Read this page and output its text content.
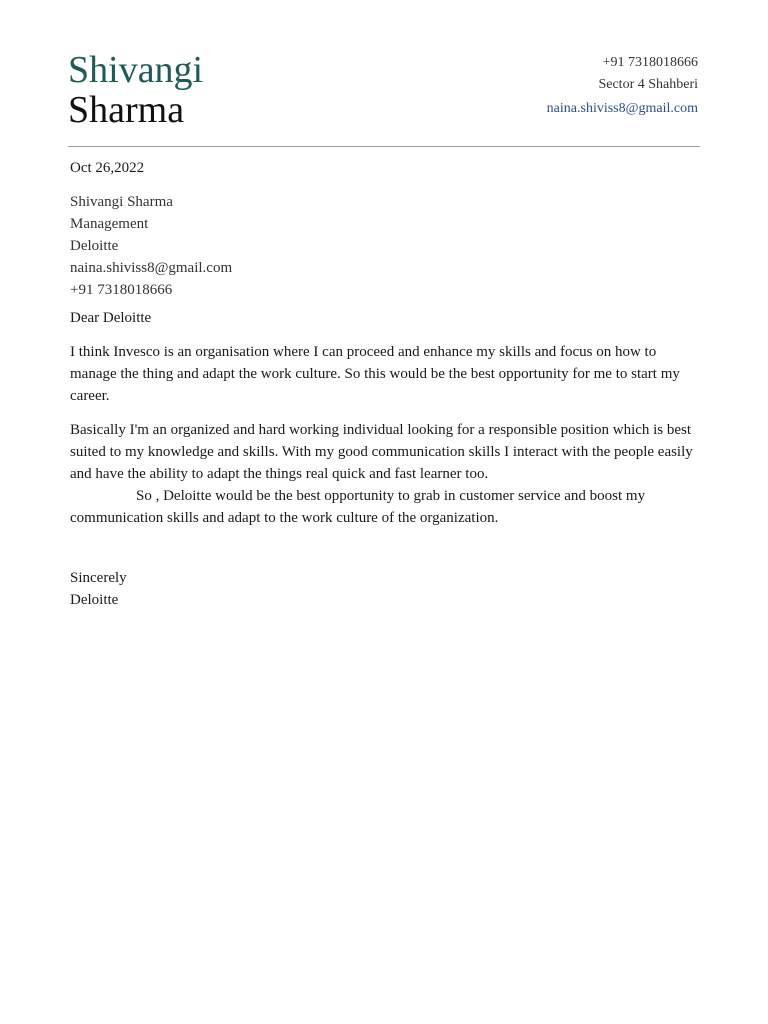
Shivangi
Sharma
+91 7318018666
Sector 4 Shahberi
naina.shiviss8@gmail.com
Oct 26,2022
Shivangi Sharma
Management
Deloitte
naina.shiviss8@gmail.com
+91 7318018666
Dear Deloitte

I think Invesco is an organisation where I can proceed and enhance my skills and focus on how to manage the thing and adapt the work culture. So this would be the best opportunity for me to start my career.

Basically I'm an organized and hard working individual looking for a responsible position which is best suited to my knowledge and skills. With my good communication skills I interact with the people easily and have the ability to adapt the things real quick and fast learner too.
So , Deloitte would be the best opportunity to grab in customer service and boost my communication skills and adapt to the work culture of the organization.

Sincerely
Deloitte
